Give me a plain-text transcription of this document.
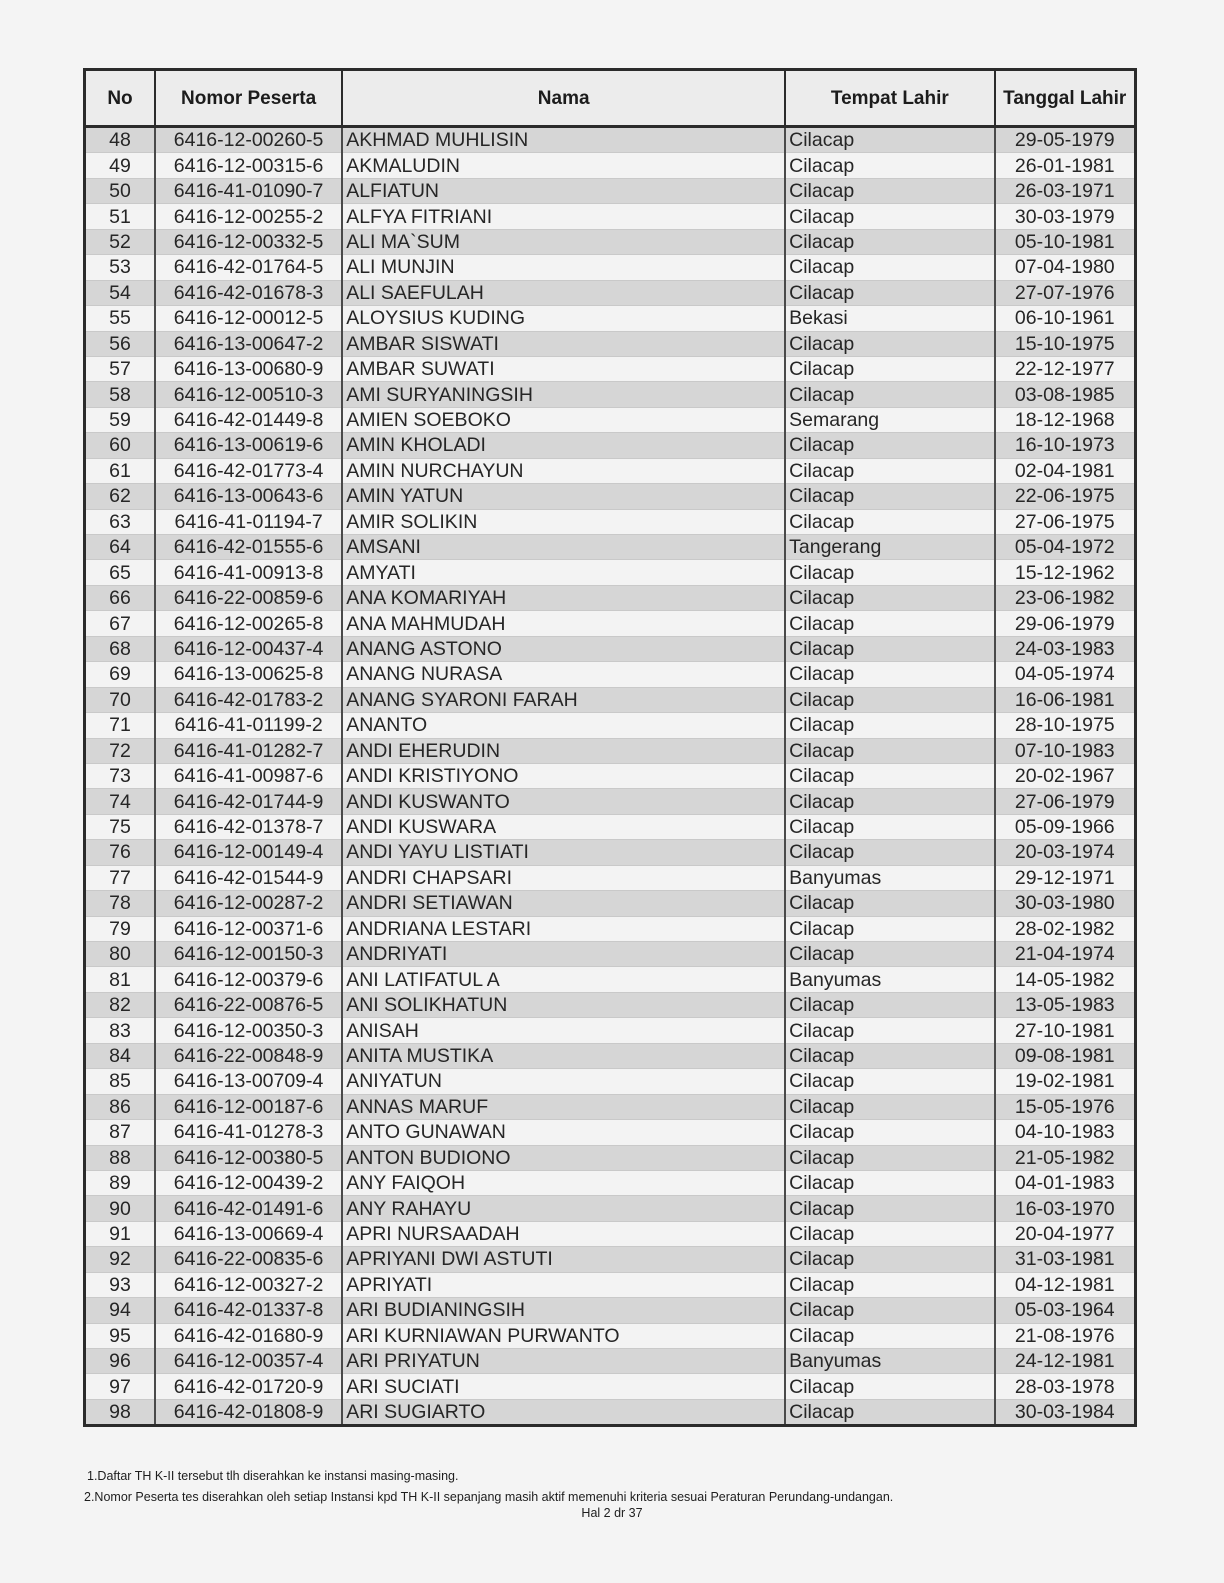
No	Nomor Peserta	Nama	Tempat Lahir	Tanggal Lahir
48	6416-12-00260-5	AKHMAD MUHLISIN	Cilacap	29-05-1979
49	6416-12-00315-6	AKMALUDIN	Cilacap	26-01-1981
50	6416-41-01090-7	ALFIATUN	Cilacap	26-03-1971
51	6416-12-00255-2	ALFYA FITRIANI	Cilacap	30-03-1979
52	6416-12-00332-5	ALI MA`SUM	Cilacap	05-10-1981
53	6416-42-01764-5	ALI MUNJIN	Cilacap	07-04-1980
54	6416-42-01678-3	ALI SAEFULAH	Cilacap	27-07-1976
55	6416-12-00012-5	ALOYSIUS KUDING	Bekasi	06-10-1961
56	6416-13-00647-2	AMBAR SISWATI	Cilacap	15-10-1975
57	6416-13-00680-9	AMBAR SUWATI	Cilacap	22-12-1977
58	6416-12-00510-3	AMI SURYANINGSIH	Cilacap	03-08-1985
59	6416-42-01449-8	AMIEN SOEBOKO	Semarang	18-12-1968
60	6416-13-00619-6	AMIN KHOLADI	Cilacap	16-10-1973
61	6416-42-01773-4	AMIN NURCHAYUN	Cilacap	02-04-1981
62	6416-13-00643-6	AMIN YATUN	Cilacap	22-06-1975
63	6416-41-01194-7	AMIR SOLIKIN	Cilacap	27-06-1975
64	6416-42-01555-6	AMSANI	Tangerang	05-04-1972
65	6416-41-00913-8	AMYATI	Cilacap	15-12-1962
66	6416-22-00859-6	ANA KOMARIYAH	Cilacap	23-06-1982
67	6416-12-00265-8	ANA MAHMUDAH	Cilacap	29-06-1979
68	6416-12-00437-4	ANANG ASTONO	Cilacap	24-03-1983
69	6416-13-00625-8	ANANG NURASA	Cilacap	04-05-1974
70	6416-42-01783-2	ANANG SYARONI FARAH	Cilacap	16-06-1981
71	6416-41-01199-2	ANANTO	Cilacap	28-10-1975
72	6416-41-01282-7	ANDI EHERUDIN	Cilacap	07-10-1983
73	6416-41-00987-6	ANDI KRISTIYONO	Cilacap	20-02-1967
74	6416-42-01744-9	ANDI KUSWANTO	Cilacap	27-06-1979
75	6416-42-01378-7	ANDI KUSWARA	Cilacap	05-09-1966
76	6416-12-00149-4	ANDI YAYU LISTIATI	Cilacap	20-03-1974
77	6416-42-01544-9	ANDRI CHAPSARI	Banyumas	29-12-1971
78	6416-12-00287-2	ANDRI SETIAWAN	Cilacap	30-03-1980
79	6416-12-00371-6	ANDRIANA LESTARI	Cilacap	28-02-1982
80	6416-12-00150-3	ANDRIYATI	Cilacap	21-04-1974
81	6416-12-00379-6	ANI LATIFATUL A	Banyumas	14-05-1982
82	6416-22-00876-5	ANI SOLIKHATUN	Cilacap	13-05-1983
83	6416-12-00350-3	ANISAH	Cilacap	27-10-1981
84	6416-22-00848-9	ANITA MUSTIKA	Cilacap	09-08-1981
85	6416-13-00709-4	ANIYATUN	Cilacap	19-02-1981
86	6416-12-00187-6	ANNAS MARUF	Cilacap	15-05-1976
87	6416-41-01278-3	ANTO GUNAWAN	Cilacap	04-10-1983
88	6416-12-00380-5	ANTON BUDIONO	Cilacap	21-05-1982
89	6416-12-00439-2	ANY FAIQOH	Cilacap	04-01-1983
90	6416-42-01491-6	ANY RAHAYU	Cilacap	16-03-1970
91	6416-13-00669-4	APRI NURSAADAH	Cilacap	20-04-1977
92	6416-22-00835-6	APRIYANI DWI ASTUTI	Cilacap	31-03-1981
93	6416-12-00327-2	APRIYATI	Cilacap	04-12-1981
94	6416-42-01337-8	ARI BUDIANINGSIH	Cilacap	05-03-1964
95	6416-42-01680-9	ARI KURNIAWAN PURWANTO	Cilacap	21-08-1976
96	6416-12-00357-4	ARI PRIYATUN	Banyumas	24-12-1981
97	6416-42-01720-9	ARI SUCIATI	Cilacap	28-03-1978
98	6416-42-01808-9	ARI SUGIARTO	Cilacap	30-03-1984
1.Daftar TH K-II tersebut tlh diserahkan ke instansi masing-masing.
2.Nomor Peserta tes diserahkan oleh setiap Instansi kpd TH K-II sepanjang masih aktif memenuhi kriteria sesuai Peraturan Perundang-undangan.
Hal 2 dr 37
